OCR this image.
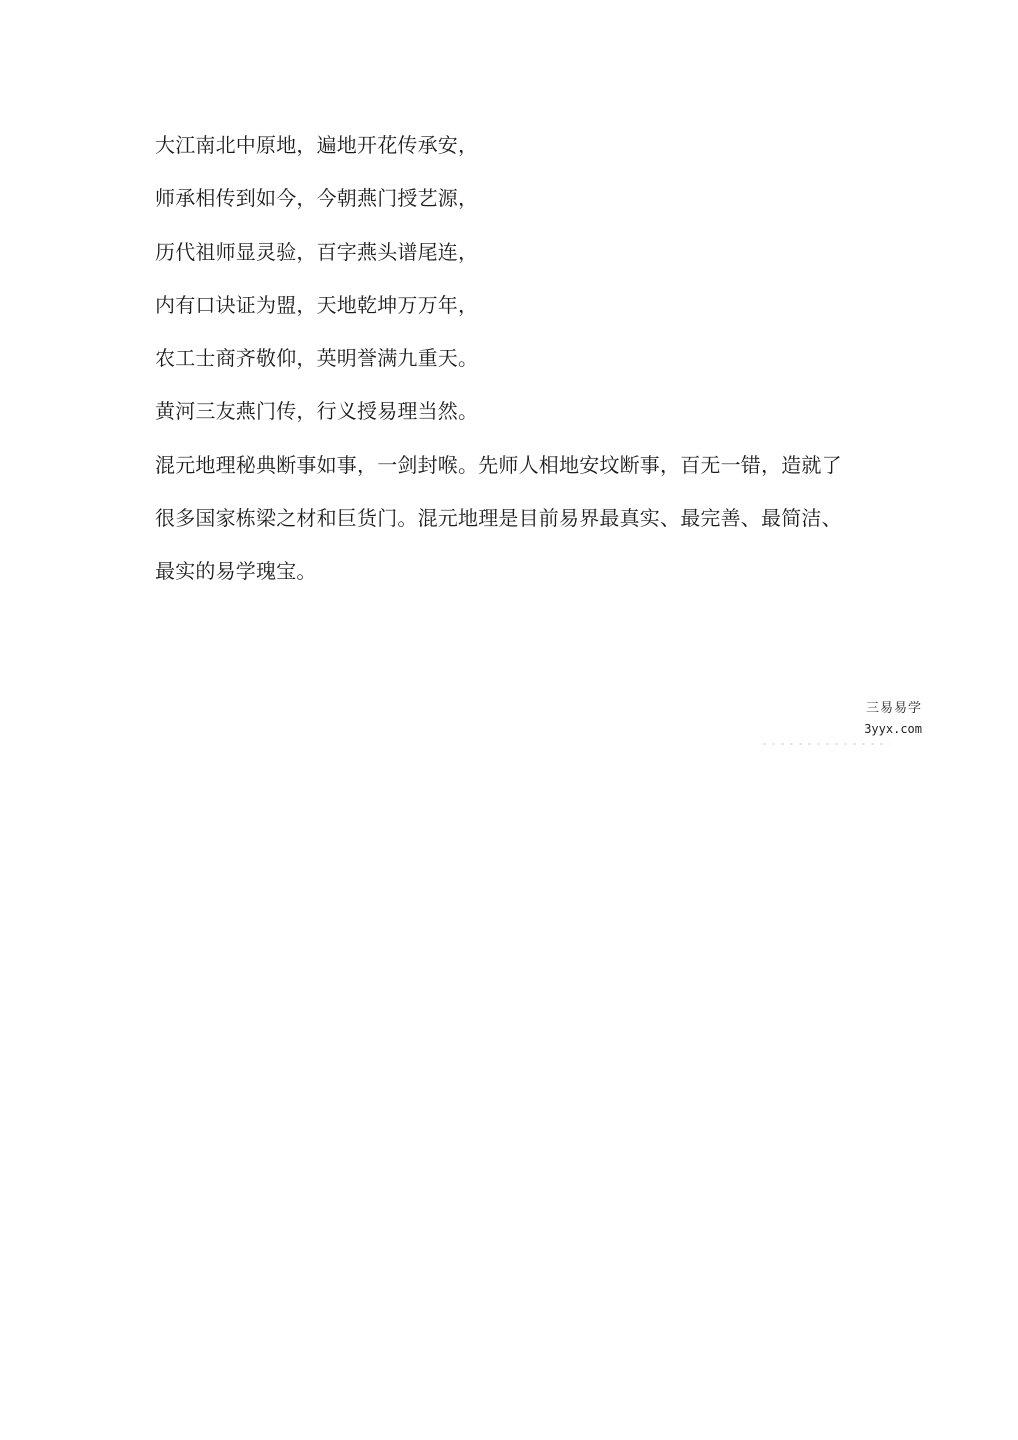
大江南北中原地，遍地开花传承安，
师承相传到如今，今朝燕门授艺源，
历代祖师显灵验，百字燕头谱尾连，
内有口诀证为盟，天地乾坤万万年，
农工士商齐敬仰，英明誉满九重天。
黄河三友燕门传，行义授易理当然。
混元地理秘典断事如事，一剑封喉。先师人相地安坟断事，百无一错，造就了
很多国家栋梁之材和巨货门。混元地理是目前易界最真实、最完善、最简洁、
最实的易学瑰宝。
三易易学
3yyx.com
